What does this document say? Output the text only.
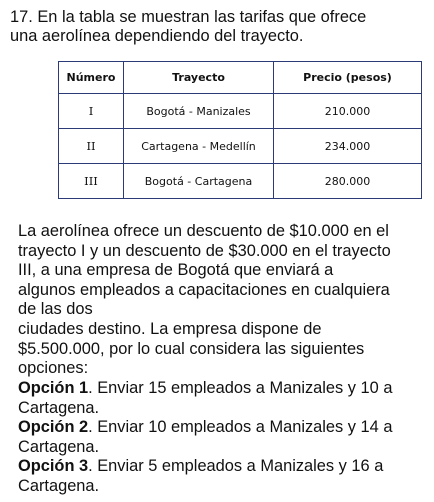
17. En la tabla se muestran las tarifas que ofrece
una aerolínea dependiendo del trayecto.
Número	Trayecto	Precio (pesos)
I	Bogotá - Manizales	210.000
II	Cartagena - Medellín	234.000
III	Bogotá - Cartagena	280.000
La aerolínea ofrece un descuento de $10.000 en el
trayecto I y un descuento de $30.000 en el trayecto
III, a una empresa de Bogotá que enviará a
algunos empleados a capacitaciones en cualquiera
de las dos
ciudades destino. La empresa dispone de
$5.500.000, por lo cual considera las siguientes
opciones:
Opción 1. Enviar 15 empleados a Manizales y 10 a
Cartagena.
Opción 2. Enviar 10 empleados a Manizales y 14 a
Cartagena.
Opción 3. Enviar 5 empleados a Manizales y 16 a
Cartagena.
